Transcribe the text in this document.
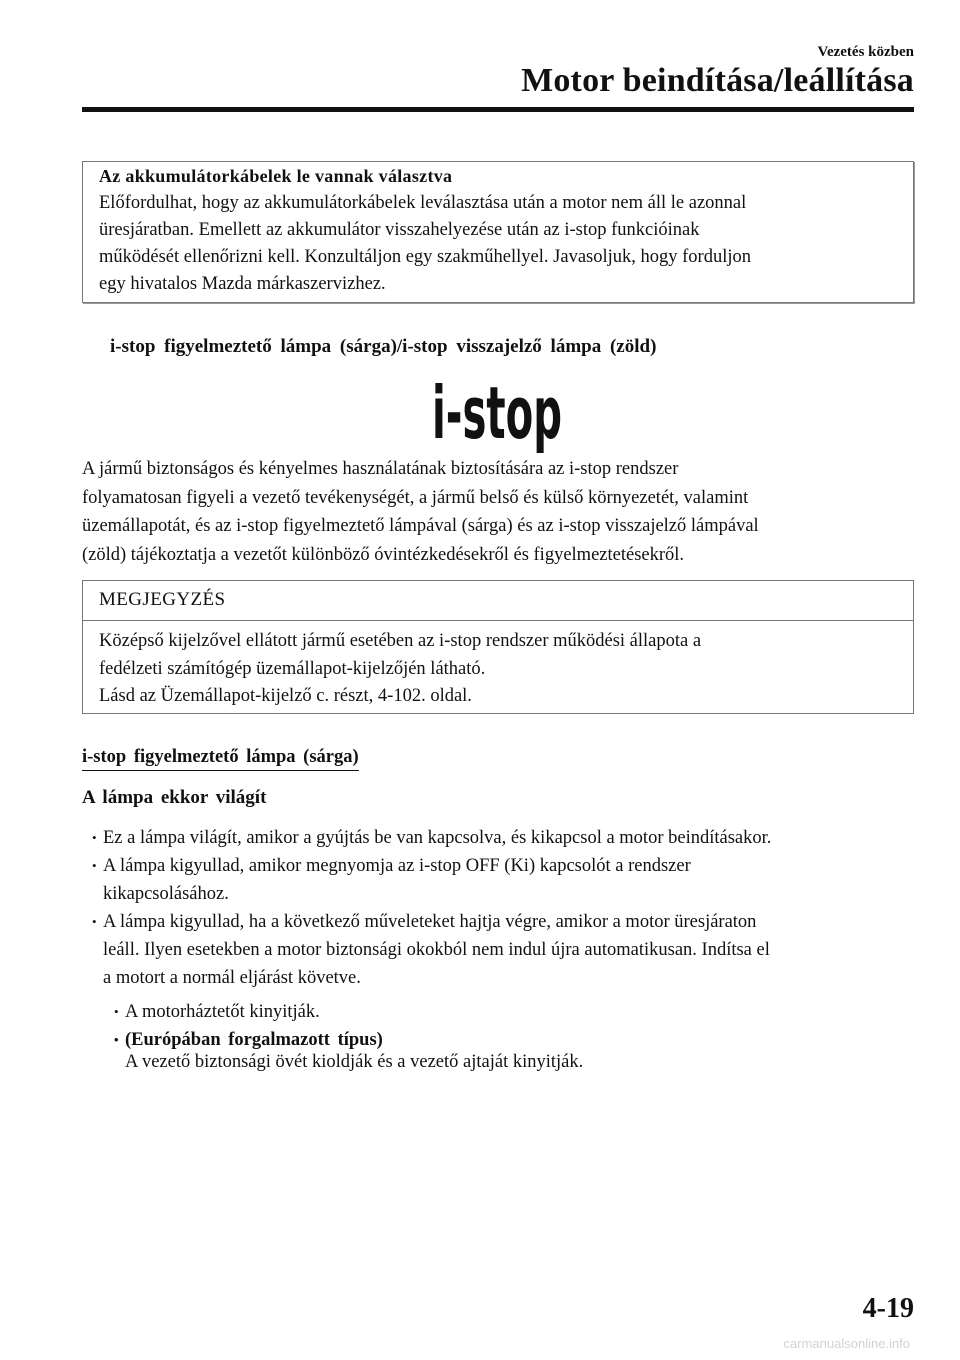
Vezetés közben
Motor beindítása/leállítása
Az akkumulátorkábelek le vannak választva
Előfordulhat, hogy az akkumulátorkábelek leválasztása után a motor nem áll le azonnal
üresjáratban. Emellett az akkumulátor visszahelyezése után az i-stop funkcióinak
működését ellenőrizni kell. Konzultáljon egy szakműhellyel. Javasoljuk, hogy forduljon
egy hivatalos Mazda márkaszervizhez.
i-stop figyelmeztető lámpa (sárga)/i-stop visszajelző lámpa (zöld)
i-stop
A jármű biztonságos és kényelmes használatának biztosítására az i-stop rendszer
folyamatosan figyeli a vezető tevékenységét, a jármű belső és külső környezetét, valamint
üzemállapotát, és az i-stop figyelmeztető lámpával (sárga) és az i-stop visszajelző lámpával
(zöld) tájékoztatja a vezetőt különböző óvintézkedésekről és figyelmeztetésekről.
MEGJEGYZÉS
Középső kijelzővel ellátott jármű esetében az i-stop rendszer működési állapota a
fedélzeti számítógép üzemállapot-kijelzőjén látható.
Lásd az Üzemállapot-kijelző c. részt, 4-102. oldal.
i-stop figyelmeztető lámpa (sárga)
A lámpa ekkor világít
• Ez a lámpa világít, amikor a gyújtás be van kapcsolva, és kikapcsol a motor beindításakor.
• A lámpa kigyullad, amikor megnyomja az i-stop OFF (Ki) kapcsolót a rendszer
kikapcsolásához.
• A lámpa kigyullad, ha a következő műveleteket hajtja végre, amikor a motor üresjáraton
leáll. Ilyen esetekben a motor biztonsági okokból nem indul újra automatikusan. Indítsa el
a motort a normál eljárást követve.
• A motorháztetőt kinyitják.
• (Európában forgalmazott típus)
A vezető biztonsági övét kioldják és a vezető ajtaját kinyitják.
4-19
carmanualsonline.info
